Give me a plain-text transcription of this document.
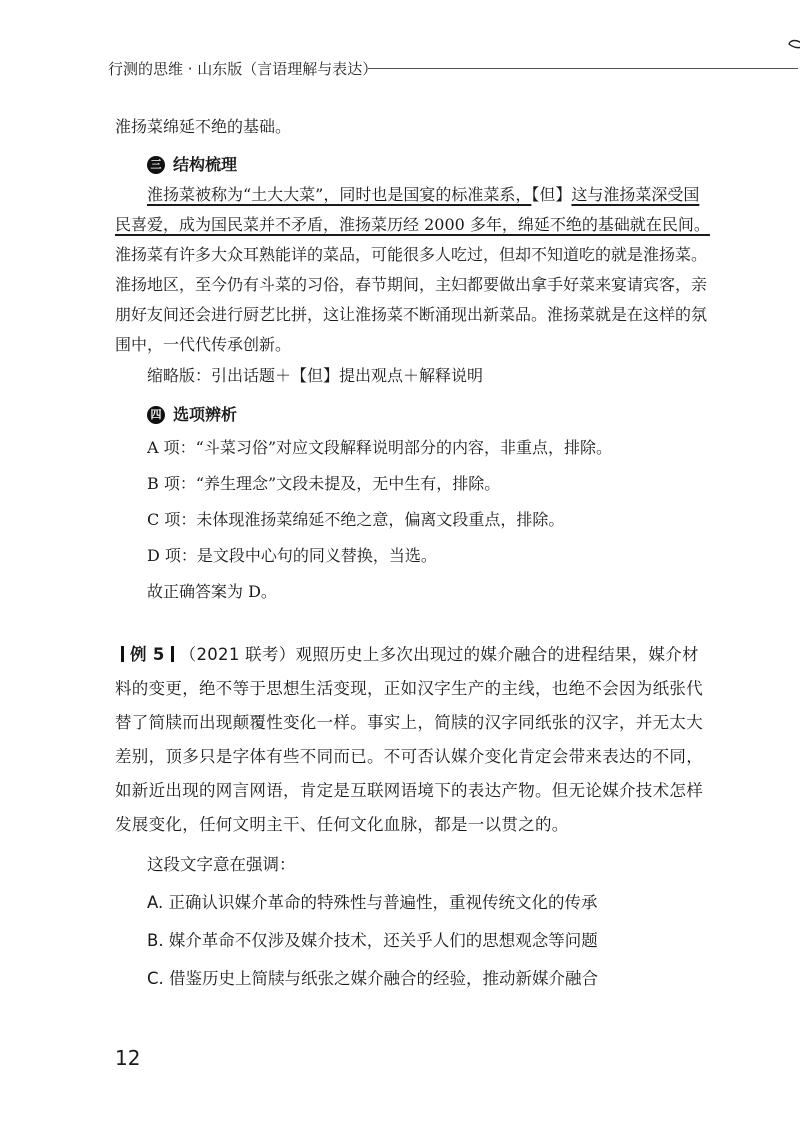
行测的思维 · 山东版（言语理解与表达）

淮扬菜绵延不绝的基础。

三 结构梳理

淮扬菜被称为“土大大菜”，同时也是国宴的标准菜系，【但】这与淮扬菜深受国民喜爱，成为国民菜并不矛盾，淮扬菜历经 2000 多年，绵延不绝的基础就在民间。淮扬菜有许多大众耳熟能详的菜品，可能很多人吃过，但却不知道吃的就是淮扬菜。淮扬地区，至今仍有斗菜的习俗，春节期间，主妇都要做出拿手好菜来宴请宾客，亲朋好友间还会进行厨艺比拼，这让淮扬菜不断涌现出新菜品。淮扬菜就是在这样的氛围中，一代代传承创新。

缩略版：引出话题＋【但】提出观点＋解释说明
四 选项辨析
A 项：“斗菜习俗”对应文段解释说明部分的内容，非重点，排除。
B 项：“养生理念”文段未提及，无中生有，排除。
C 项：未体现淮扬菜绵延不绝之意，偏离文段重点，排除。
D 项：是文段中心句的同义替换，当选。
故正确答案为 D。

例 5 （2021 联考）观照历史上多次出现过的媒介融合的进程结果，媒介材料的变更，绝不等于思想生活变现，正如汉字生产的主线，也绝不会因为纸张代替了简牍而出现颠覆性变化一样。事实上，简牍的汉字同纸张的汉字，并无太大差别，顶多只是字体有些不同而已。不可否认媒介变化肯定会带来表达的不同，如新近出现的网言网语，肯定是互联网语境下的表达产物。但无论媒介技术怎样发展变化，任何文明主干、任何文化血脉，都是一以贯之的。

这段文字意在强调：
A. 正确认识媒介革命的特殊性与普遍性，重视传统文化的传承
B. 媒介革命不仅涉及媒介技术，还关乎人们的思想观念等问题
C. 借鉴历史上简牍与纸张之媒介融合的经验，推动新媒介融合
12
